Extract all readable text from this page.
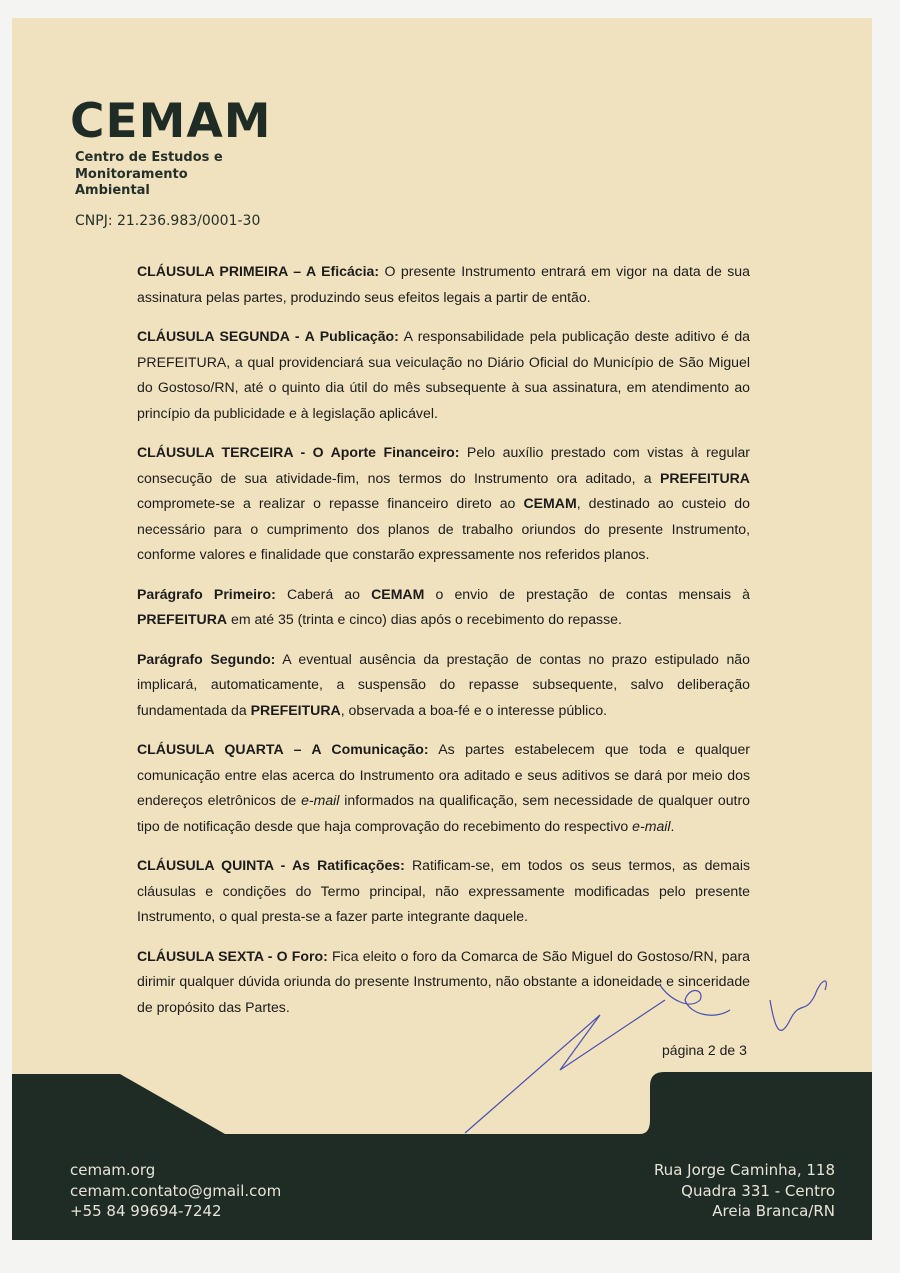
CEMAM
Centro de Estudos e
Monitoramento
Ambiental
CNPJ: 21.236.983/0001-30

CLÁUSULA PRIMEIRA – A Eficácia: O presente Instrumento entrará em vigor na data de sua assinatura pelas partes, produzindo seus efeitos legais a partir de então.

CLÁUSULA SEGUNDA - A Publicação: A responsabilidade pela publicação deste aditivo é da PREFEITURA, a qual providenciará sua veiculação no Diário Oficial do Município de São Miguel do Gostoso/RN, até o quinto dia útil do mês subsequente à sua assinatura, em atendimento ao princípio da publicidade e à legislação aplicável.

CLÁUSULA TERCEIRA - O Aporte Financeiro: Pelo auxílio prestado com vistas à regular consecução de sua atividade-fim, nos termos do Instrumento ora aditado, a PREFEITURA compromete-se a realizar o repasse financeiro direto ao CEMAM, destinado ao custeio do necessário para o cumprimento dos planos de trabalho oriundos do presente Instrumento, conforme valores e finalidade que constarão expressamente nos referidos planos.

Parágrafo Primeiro: Caberá ao CEMAM o envio de prestação de contas mensais à PREFEITURA em até 35 (trinta e cinco) dias após o recebimento do repasse.

Parágrafo Segundo: A eventual ausência da prestação de contas no prazo estipulado não implicará, automaticamente, a suspensão do repasse subsequente, salvo deliberação fundamentada da PREFEITURA, observada a boa-fé e o interesse público.

CLÁUSULA QUARTA – A Comunicação: As partes estabelecem que toda e qualquer comunicação entre elas acerca do Instrumento ora aditado e seus aditivos se dará por meio dos endereços eletrônicos de e-mail informados na qualificação, sem necessidade de qualquer outro tipo de notificação desde que haja comprovação do recebimento do respectivo e-mail.

CLÁUSULA QUINTA - As Ratificações: Ratificam-se, em todos os seus termos, as demais cláusulas e condições do Termo principal, não expressamente modificadas pelo presente Instrumento, o qual presta-se a fazer parte integrante daquele.

CLÁUSULA SEXTA - O Foro: Fica eleito o foro da Comarca de São Miguel do Gostoso/RN, para dirimir qualquer dúvida oriunda do presente Instrumento, não obstante a idoneidade e sinceridade de propósito das Partes.

página 2 de 3
cemam.org
cemam.contato@gmail.com
+55 84 99694-7242
Rua Jorge Caminha, 118
Quadra 331 - Centro
Areia Branca/RN
